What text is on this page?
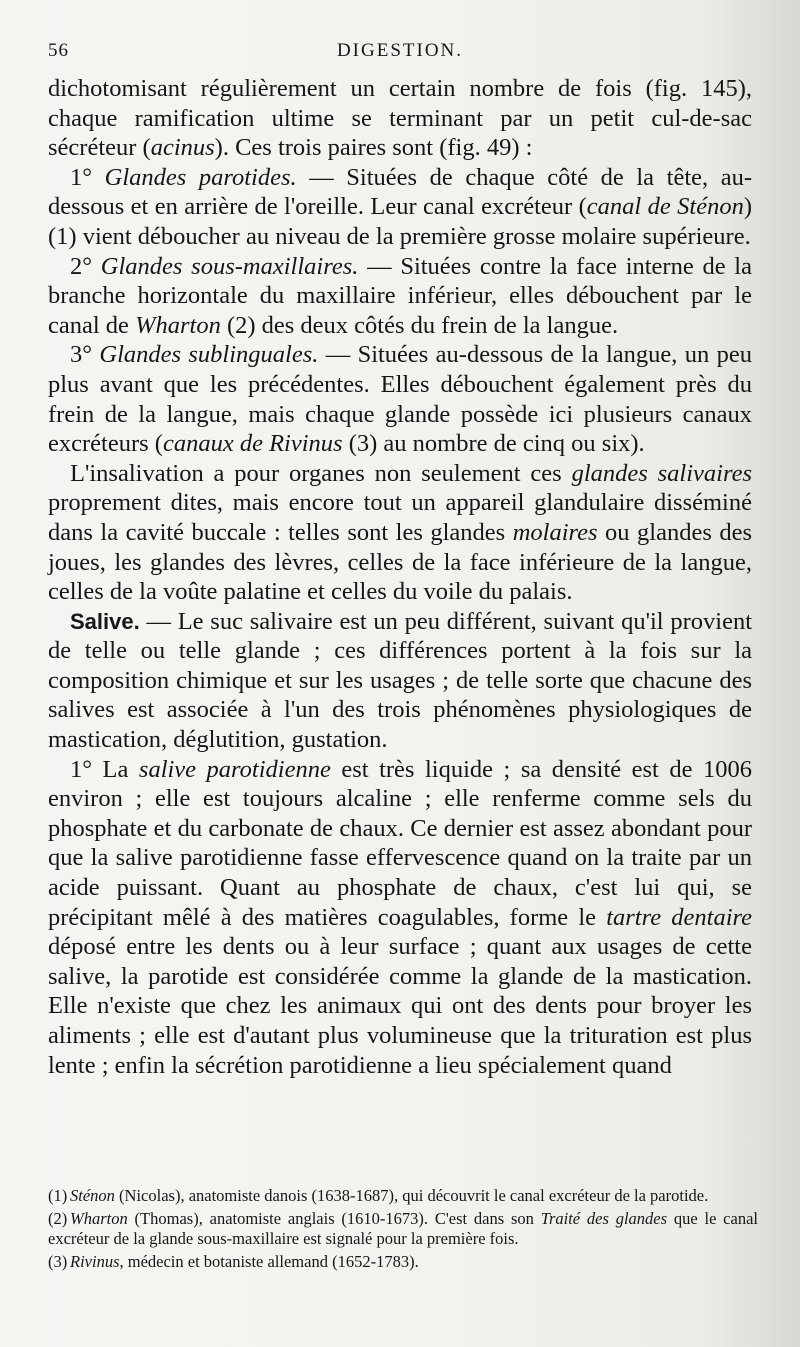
56	DIGESTION.

dichotomisant régulièrement un certain nombre de fois (fig. 145), chaque ramification ultime se terminant par un petit cul-de-sac sécréteur (acinus). Ces trois paires sont (fig. 49) :

1° Glandes parotides. — Situées de chaque côté de la tête, au-dessous et en arrière de l'oreille. Leur canal excréteur (canal de Sténon) (1) vient déboucher au niveau de la première grosse molaire supérieure.

2° Glandes sous-maxillaires. — Situées contre la face interne de la branche horizontale du maxillaire inférieur, elles débouchent par le canal de Wharton (2) des deux côtés du frein de la langue.

3° Glandes sublinguales. — Situées au-dessous de la langue, un peu plus avant que les précédentes. Elles débouchent également près du frein de la langue, mais chaque glande possède ici plusieurs canaux excréteurs (canaux de Rivinus (3) au nombre de cinq ou six).

L'insalivation a pour organes non seulement ces glandes salivaires proprement dites, mais encore tout un appareil glandulaire disséminé dans la cavité buccale : telles sont les glandes molaires ou glandes des joues, les glandes des lèvres, celles de la face inférieure de la langue, celles de la voûte palatine et celles du voile du palais.

Salive. — Le suc salivaire est un peu différent, suivant qu'il provient de telle ou telle glande ; ces différences portent à la fois sur la composition chimique et sur les usages ; de telle sorte que chacune des salives est associée à l'un des trois phénomènes physiologiques de mastication, déglutition, gustation.

1° La salive parotidienne est très liquide ; sa densité est de 1006 environ ; elle est toujours alcaline ; elle renferme comme sels du phosphate et du carbonate de chaux. Ce dernier est assez abondant pour que la salive parotidienne fasse effervescence quand on la traite par un acide puissant. Quant au phosphate de chaux, c'est lui qui, se précipitant mêlé à des matières coagulables, forme le tartre dentaire déposé entre les dents ou à leur surface ; quant aux usages de cette salive, la parotide est considérée comme la glande de la mastication. Elle n'existe que chez les animaux qui ont des dents pour broyer les aliments ; elle est d'autant plus volumineuse que la trituration est plus lente ; enfin la sécrétion parotidienne a lieu spécialement quand

(1) Sténon (Nicolas), anatomiste danois (1638-1687), qui découvrit le canal excréteur de la parotide.

(2) Wharton (Thomas), anatomiste anglais (1610-1673). C'est dans son Traité des glandes que le canal excréteur de la glande sous-maxillaire est signalé pour la première fois.

(3) Rivinus, médecin et botaniste allemand (1652-1783).
